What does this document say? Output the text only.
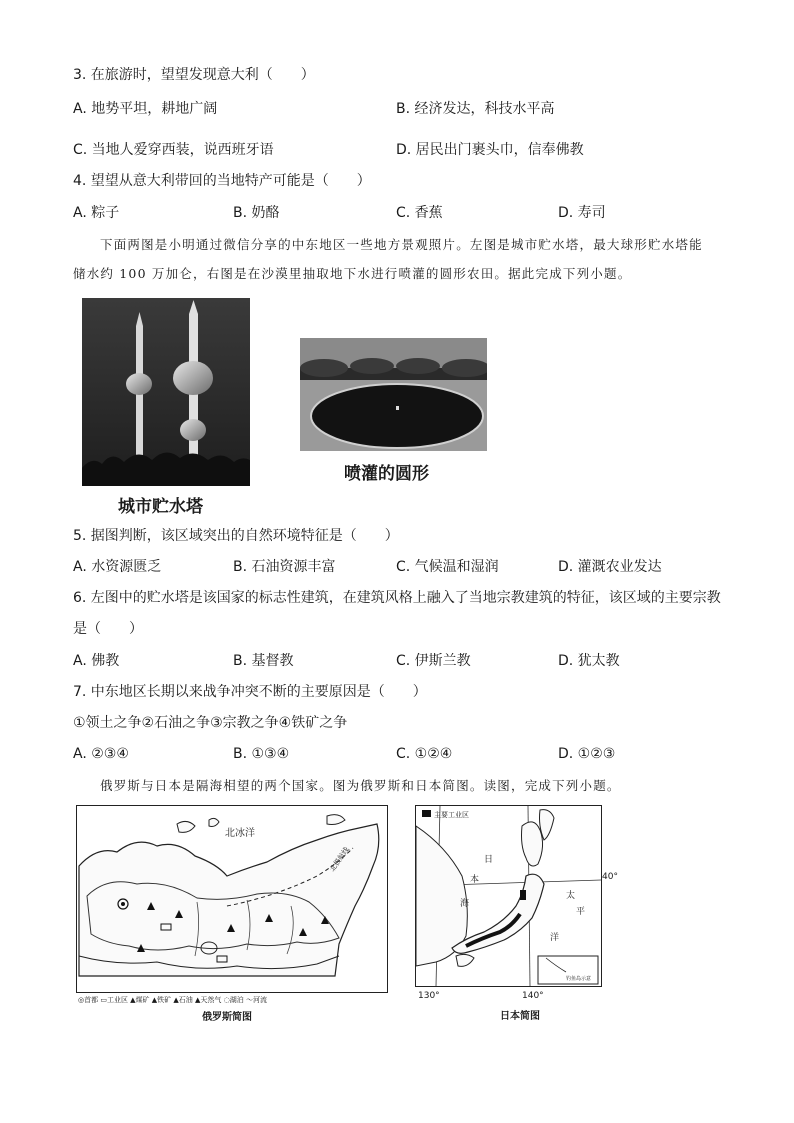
3. 在旅游时，望望发现意大利（　　）
A. 地势平坦，耕地广阔	B. 经济发达，科技水平高
C. 当地人爱穿西装，说西班牙语	D. 居民出门裹头巾，信奉佛教
4. 望望从意大利带回的当地特产可能是（　　）
A. 粽子	B. 奶酪	C. 香蕉	D. 寿司
下面两图是小明通过微信分享的中东地区一些地方景观照片。左图是城市贮水塔，最大球形贮水塔能
储水约 100 万加仑，右图是在沙漠里抽取地下水进行喷灌的圆形农田。据此完成下列小题。
城市贮水塔
喷灌的圆形
5. 据图判断，该区域突出的自然环境特征是（　　）
A. 水资源匮乏	B. 石油资源丰富	C. 气候温和湿润	D. 灌溉农业发达
6. 左图中的贮水塔是该国家的标志性建筑，在建筑风格上融入了当地宗教建筑的特征，该区域的主要宗教
是（　　）
A. 佛教	B. 基督教	C. 伊斯兰教	D. 犹太教
7. 中东地区长期以来战争冲突不断的主要原因是（　　）
①领土之争②石油之争③宗教之争④铁矿之争
A. ②③④	B. ①③④	C. ①②④	D. ①②③
俄罗斯与日本是隔海相望的两个国家。图为俄罗斯和日本简图。读图，完成下列小题。
北冰洋
北极航线
◎首都 ▭工业区 ▲煤矿 ▲铁矿 ▲石油 ▲天然气 ◌湖泊 ～河流
俄罗斯简图
主要工业区
钓鱼岛示意
日
本
海
太
平
洋
40°
130°	140°
日本简图
